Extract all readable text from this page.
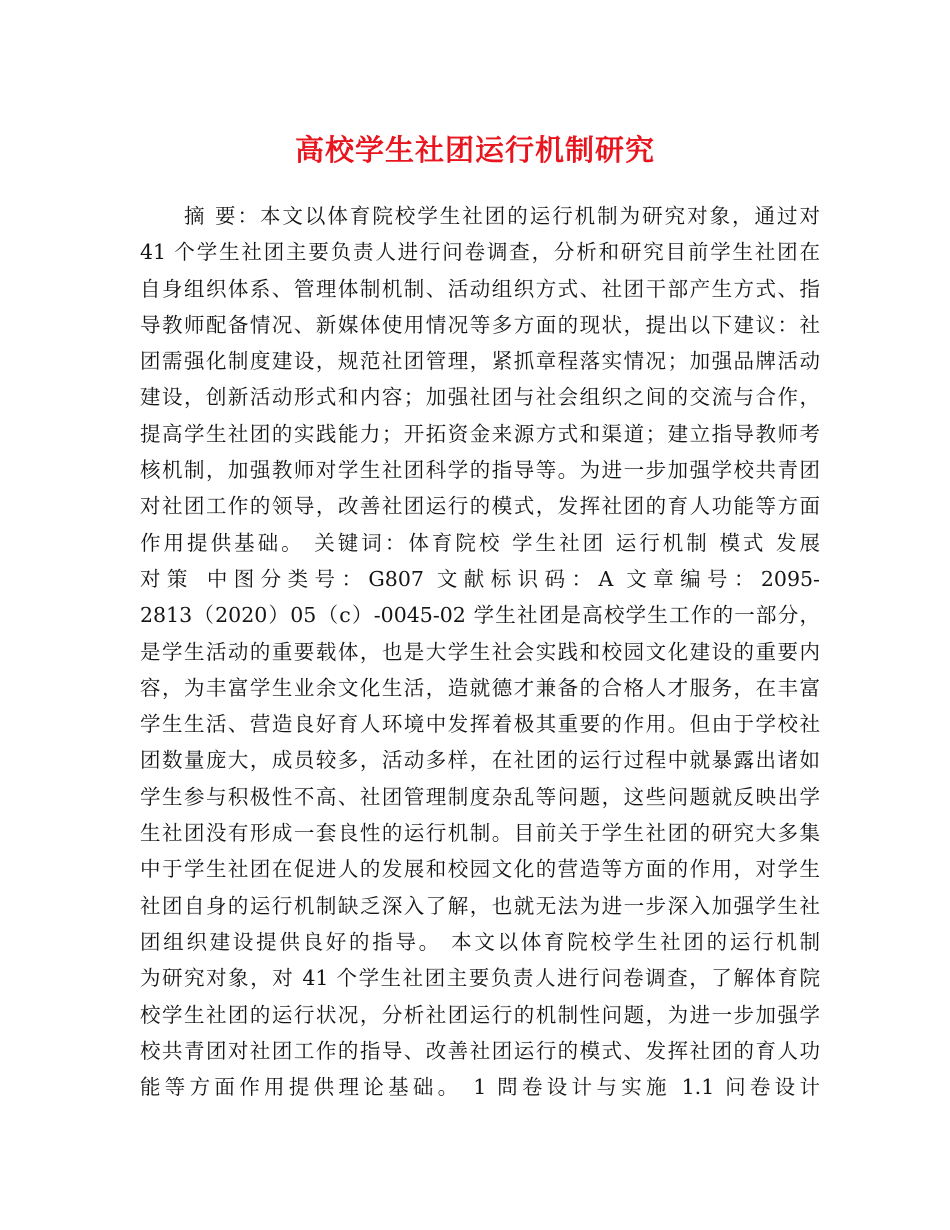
高校学生社团运行机制研究
摘 要：本文以体育院校学生社团的运行机制为研究对象，通过对
41 个学生社团主要负责人进行问卷调查，分析和研究目前学生社团在
自身组织体系、管理体制机制、活动组织方式、社团干部产生方式、指
导教师配备情况、新媒体使用情况等多方面的现状，提出以下建议：社
团需强化制度建设，规范社团管理，紧抓章程落实情况；加强品牌活动
建设，创新活动形式和内容；加强社团与社会组织之间的交流与合作，
提高学生社团的实践能力；开拓资金来源方式和渠道；建立指导教师考
核机制，加强教师对学生社团科学的指导等。为进一步加强学校共青团
对社团工作的领导，改善社团运行的模式，发挥社团的育人功能等方面
作用提供基础。 关键词：体育院校 学生社团 运行机制 模式 发展
对策 中图分类号：G807 文献标识码：A 文章编号：2095-
2813（2020）05（c）-0045-02 学生社团是高校学生工作的一部分，
是学生活动的重要载体，也是大学生社会实践和校园文化建设的重要内
容，为丰富学生业余文化生活，造就德才兼备的合格人才服务，在丰富
学生生活、营造良好育人环境中发挥着极其重要的作用。但由于学校社
团数量庞大，成员较多，活动多样，在社团的运行过程中就暴露出诸如
学生参与积极性不高、社团管理制度杂乱等问题，这些问题就反映出学
生社团没有形成一套良性的运行机制。目前关于学生社团的研究大多集
中于学生社团在促进人的发展和校园文化的营造等方面的作用，对学生
社团自身的运行机制缺乏深入了解，也就无法为进一步深入加强学生社
团组织建设提供良好的指导。 本文以体育院校学生社团的运行机制
为研究对象，对 41 个学生社团主要负责人进行问卷调查，了解体育院
校学生社团的运行状况，分析社团运行的机制性问题，为进一步加强学
校共青团对社团工作的指导、改善社团运行的模式、发挥社团的育人功
能等方面作用提供理论基础。 1 問卷设计与实施 1.1 问卷设计
